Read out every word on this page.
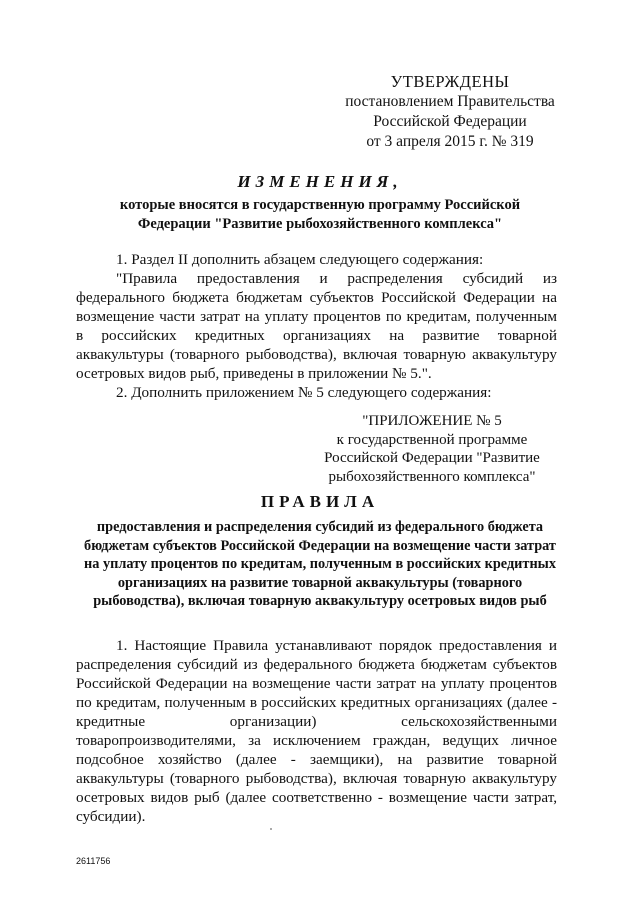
УТВЕРЖДЕНЫ
постановлением Правительства
Российской Федерации
от 3 апреля 2015 г. № 319
ИЗМЕНЕНИЯ,
которые вносятся в государственную программу Российской Федерации "Развитие рыбохозяйственного комплекса"

1. Раздел II дополнить абзацем следующего содержания:

"Правила предоставления и распределения субсидий из федерального бюджета бюджетам субъектов Российской Федерации на возмещение части затрат на уплату процентов по кредитам, полученным в российских кредитных организациях на развитие товарной аквакультуры (товарного рыбоводства), включая товарную аквакультуру осетровых видов рыб, приведены в приложении № 5.".

2. Дополнить приложением № 5 следующего содержания:

"ПРИЛОЖЕНИЕ № 5
к государственной программе
Российской Федерации "Развитие
рыбохозяйственного комплекса"
ПРАВИЛА
предоставления и распределения субсидий из федерального бюджета бюджетам субъектов Российской Федерации на возмещение части затрат на уплату процентов по кредитам, полученным в российских кредитных организациях на развитие товарной аквакультуры (товарного рыбоводства), включая товарную аквакультуру осетровых видов рыб

1. Настоящие Правила устанавливают порядок предоставления и распределения субсидий из федерального бюджета бюджетам субъектов Российской Федерации на возмещение части затрат на уплату процентов по кредитам, полученным в российских кредитных организациях (далее - кредитные организации) сельскохозяйственными товаропроизводителями, за исключением граждан, ведущих личное подсобное хозяйство (далее - заемщики), на развитие товарной аквакультуры (товарного рыбоводства), включая товарную аквакультуру осетровых видов рыб (далее соответственно - возмещение части затрат, субсидии).

2611756
